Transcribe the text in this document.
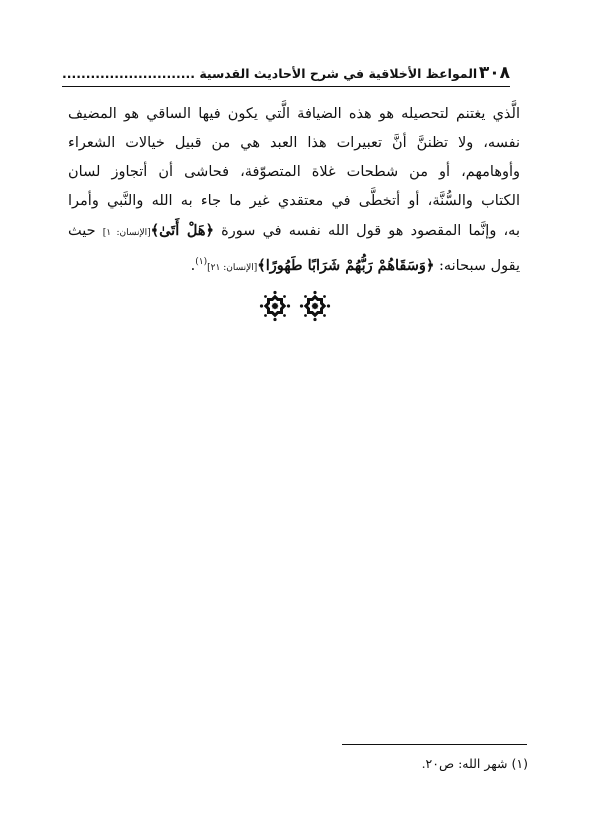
٣٠٨
المواعظ الأخلاقية في شرح الأحاديث القدسية ............................
الَّذي يغتنم لتحصيله هو هذه الضيافة الَّتي يكون فيها الساقي هو المضيف
نفسه، ولا تظننَّ أنَّ تعبيرات هذا العبد هي من قبيل خيالات الشعراء
وأوهامهم، أو من شطحات غلاة المتصوّفة، فحاشى أن أتجاوز لسان
الكتاب والسُّنَّة، أو أتخطَّى في معتقدي غير ما جاء به الله والنَّبي وأمرا
به، وإنَّما المقصود هو قول الله نفسه في سورة ﴿هَلْ أَتَىٰ﴾[الإنسان: ١] حيث
يقول سبحانه: ﴿وَسَقَاهُمْ رَبُّهُمْ شَرَابًا طَهُورًا﴾[الإنسان: ٢١]$^{(١)}$.
(١) شهر الله: ص٢٠.
